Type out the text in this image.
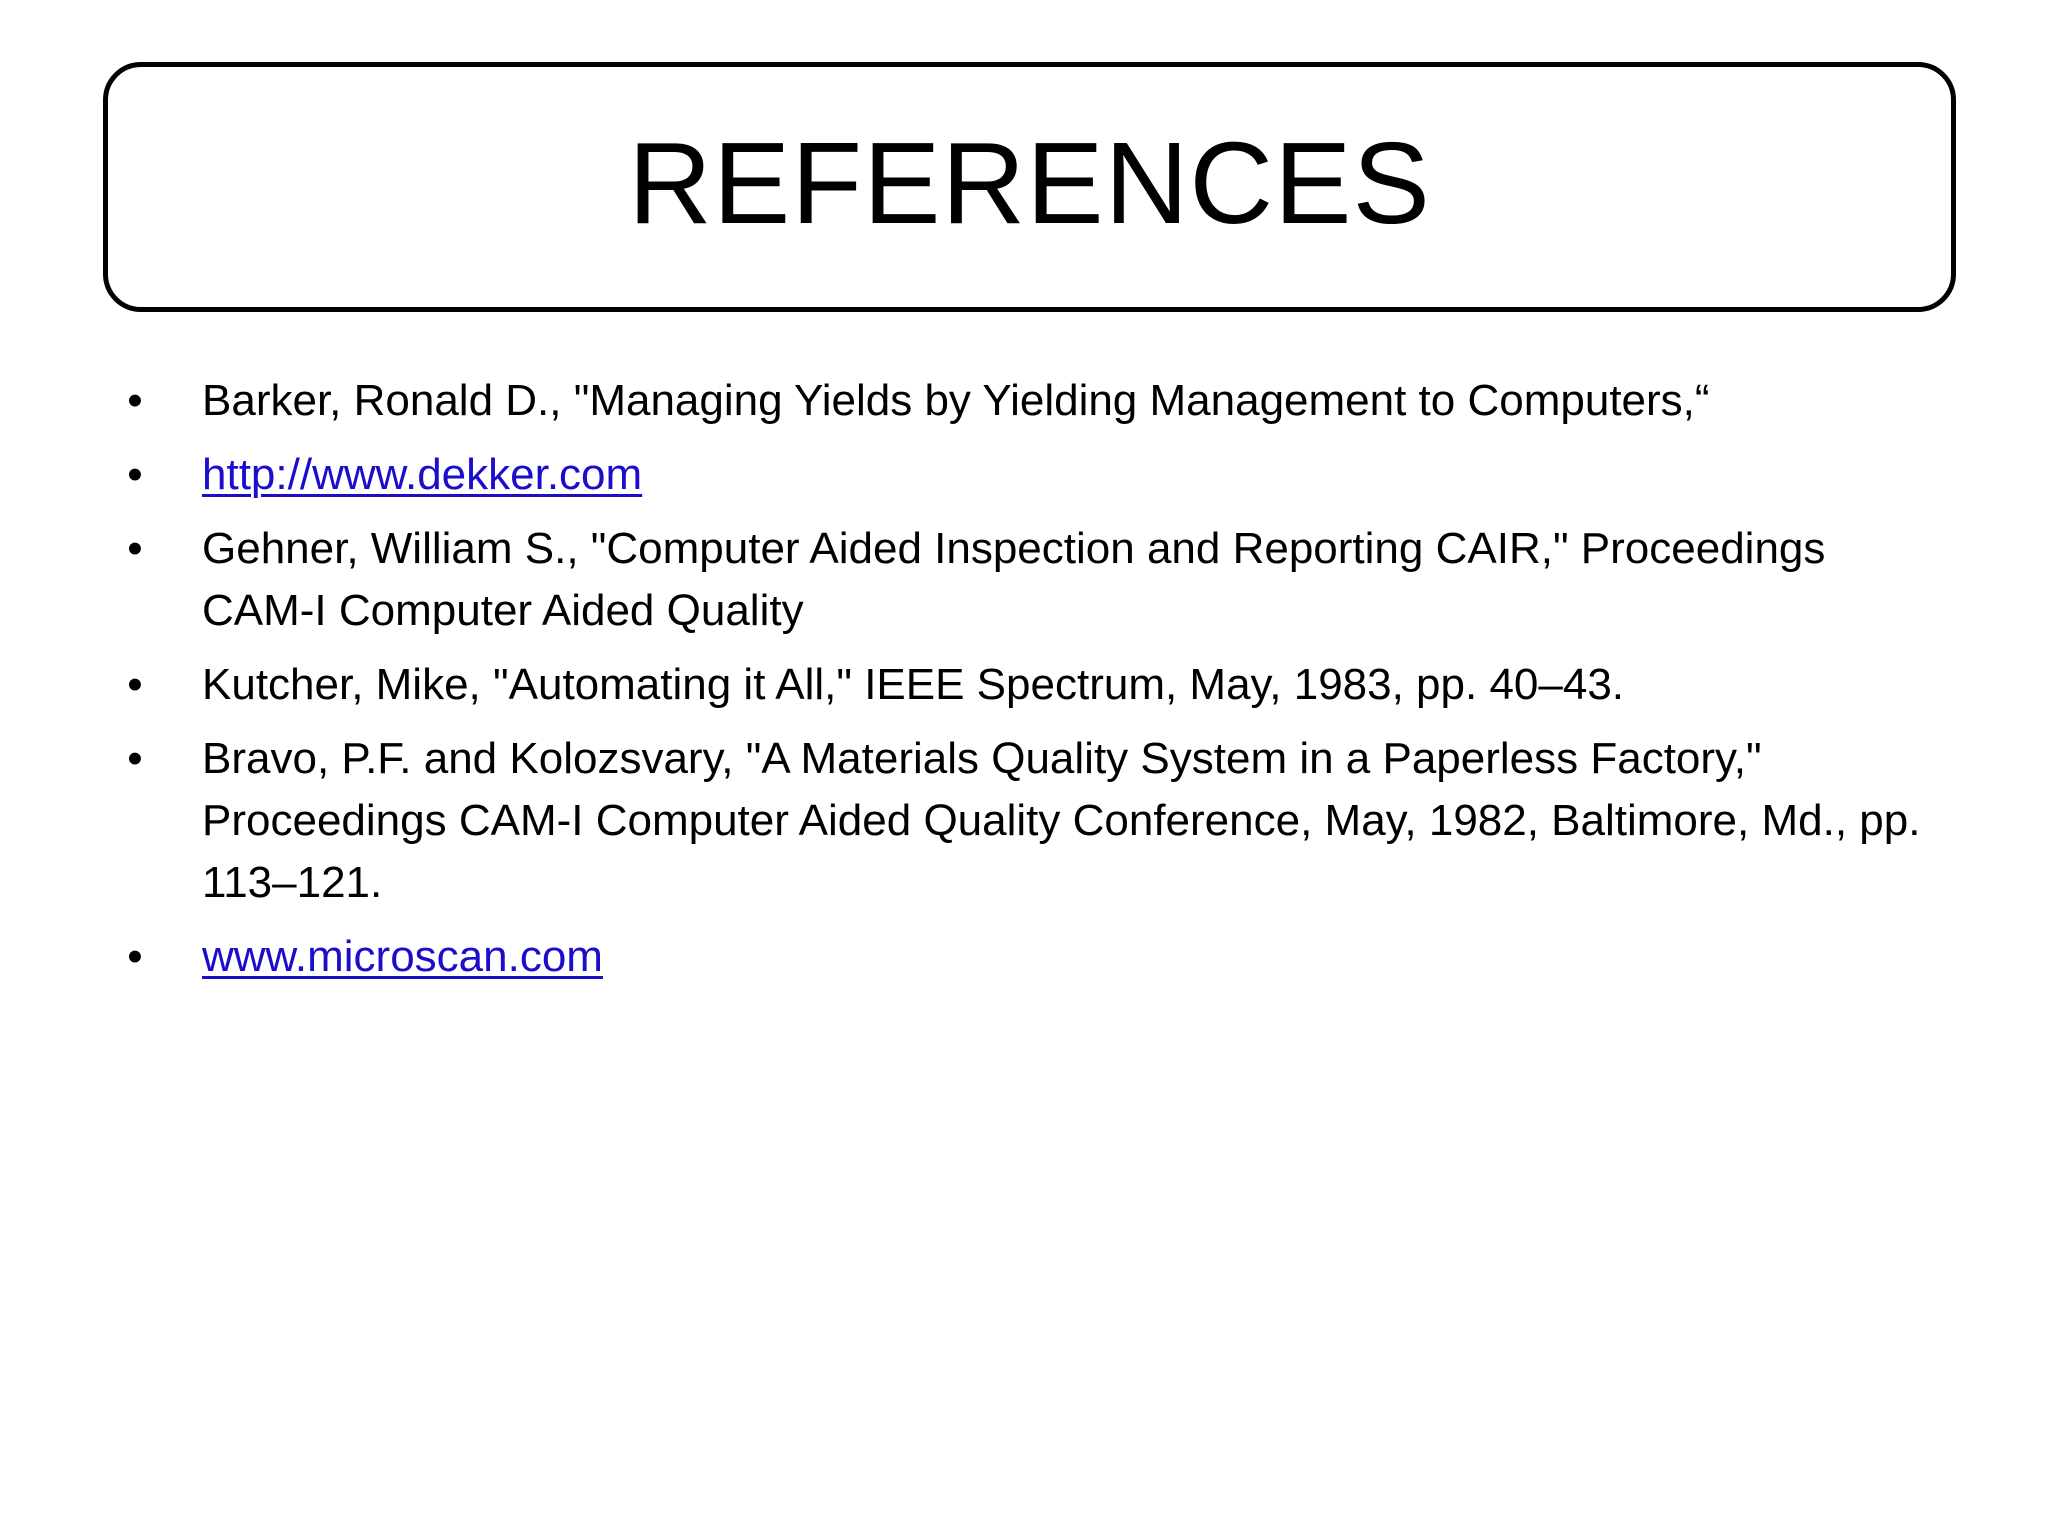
REFERENCES
• Barker, Ronald D., "Managing Yields by Yielding Management to Computers,“
• http://www.dekker.com
• Gehner, William S., "Computer Aided Inspection and Reporting CAIR," Proceedings CAM-I Computer Aided Quality
• Kutcher, Mike, "Automating it All," IEEE Spectrum, May, 1983, pp. 40–43.
• Bravo, P.F. and Kolozsvary, "A Materials Quality System in a Paperless Factory," Proceedings CAM-I Computer Aided Quality Conference, May, 1982, Baltimore, Md., pp. 113–121.
• www.microscan.com
